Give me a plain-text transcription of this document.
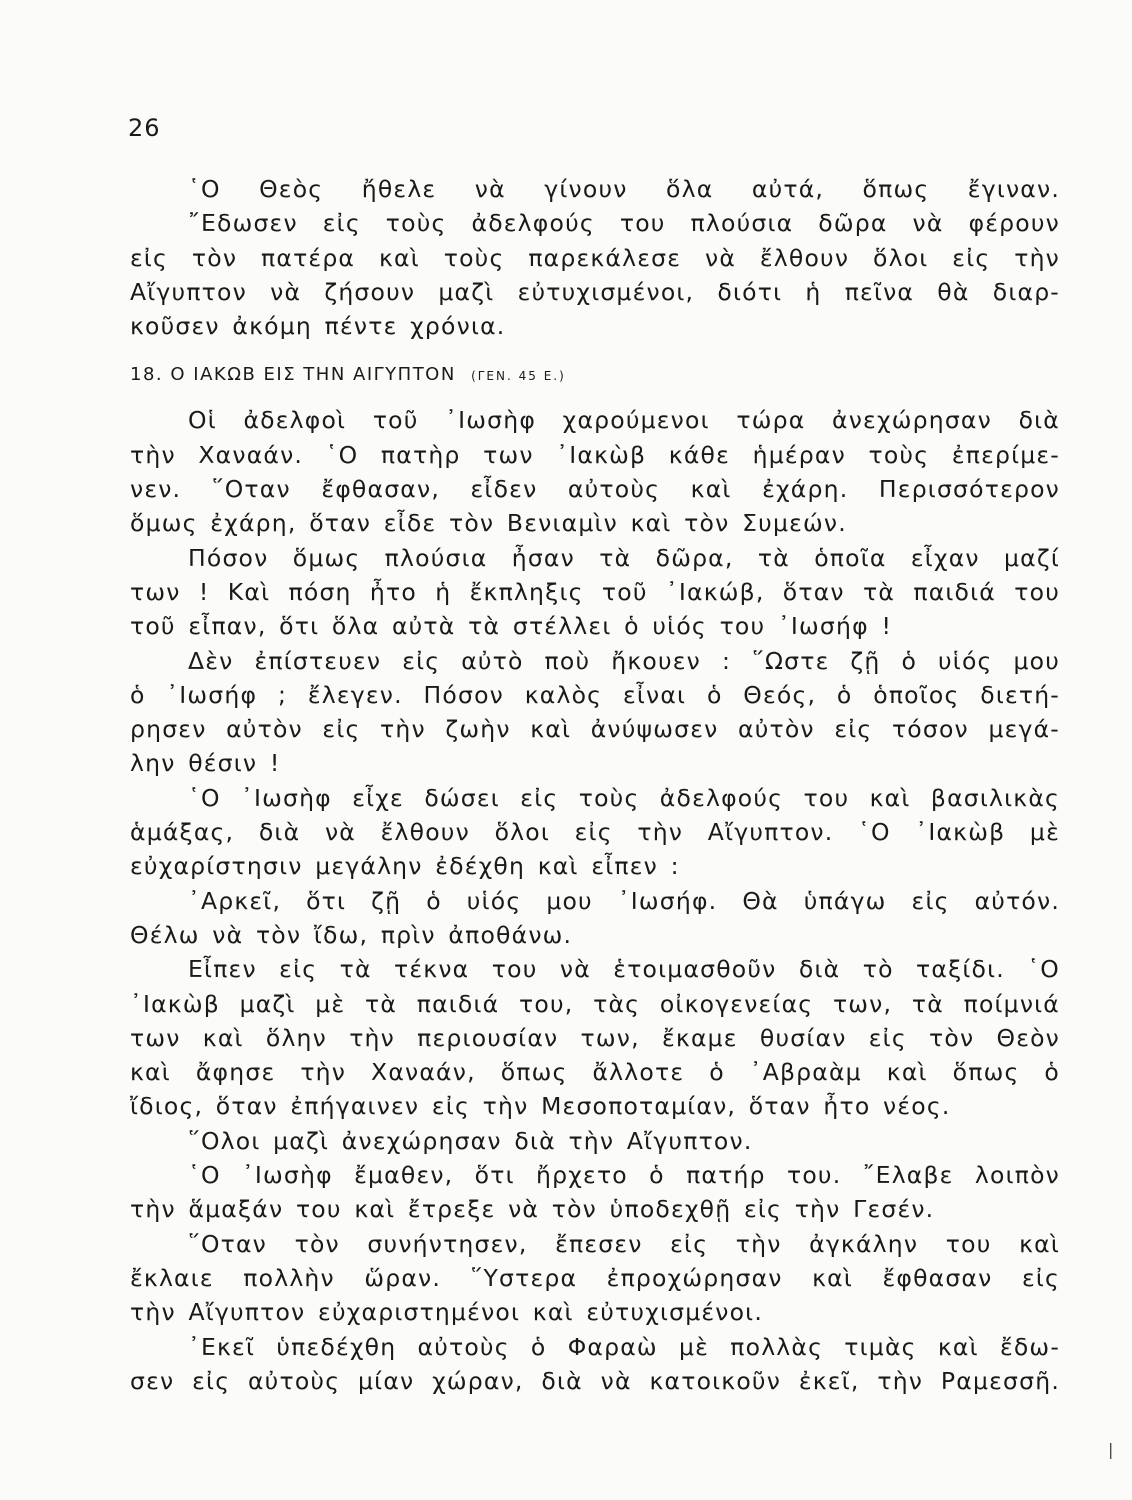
26
῾Ο Θεὸς ἤθελε νὰ γίνουν ὅλα αὐτά, ὅπως ἔγιναν.
῎Εδωσεν εἰς τοὺς ἀδελφούς του πλούσια δῶρα νὰ φέρουν
εἰς τὸν πατέρα καὶ τοὺς παρεκάλεσε νὰ ἔλθουν ὅλοι εἰς τὴν
Αἴγυπτον νὰ ζήσουν μαζὶ εὐτυχισμένοι, διότι ἡ πεῖνα θὰ διαρ-
κοῦσεν ἀκόμη πέντε χρόνια.
18. Ο ΙΑΚΩΒ ΕΙΣ ΤΗΝ ΑΙΓΥΠΤΟΝ (ΓΕΝ. 45 Ε.)
Οἱ ἀδελφοὶ τοῦ ᾿Ιωσὴφ χαρούμενοι τώρα ἀνεχώρησαν διὰ
τὴν Χαναάν. ῾Ο πατὴρ των ᾿Ιακὼβ κάθε ἡμέραν τοὺς ἐπερίμε-
νεν. ῞Οταν ἔφθασαν, εἶδεν αὐτοὺς καὶ ἐχάρη. Περισσότερον
ὅμως ἐχάρη, ὅταν εἶδε τὸν Βενιαμὶν καὶ τὸν Συμεών.
Πόσον ὅμως πλούσια ἦσαν τὰ δῶρα, τὰ ὁποῖα εἶχαν μαζί
των ! Καὶ πόση ἦτο ἡ ἔκπληξις τοῦ ᾿Ιακώβ, ὅταν τὰ παιδιά του
τοῦ εἶπαν, ὅτι ὅλα αὐτὰ τὰ στέλλει ὁ υἱός του ᾿Ιωσήφ !
Δὲν ἐπίστευεν εἰς αὐτὸ ποὺ ἤκουεν : ῞Ωστε ζῇ ὁ υἱός μου
ὁ ᾿Ιωσήφ ; ἔλεγεν. Πόσον καλὸς εἶναι ὁ Θεός, ὁ ὁποῖος διετή-
ρησεν αὐτὸν εἰς τὴν ζωὴν καὶ ἀνύψωσεν αὐτὸν εἰς τόσον μεγά-
λην θέσιν !
῾Ο ᾿Ιωσὴφ εἶχε δώσει εἰς τοὺς ἀδελφούς του καὶ βασιλικὰς
ἁμάξας, διὰ νὰ ἔλθουν ὅλοι εἰς τὴν Αἴγυπτον. ῾Ο ᾿Ιακὼβ μὲ
εὐχαρίστησιν μεγάλην ἐδέχθη καὶ εἶπεν :
᾿Αρκεῖ, ὅτι ζῇ ὁ υἱός μου ᾿Ιωσήφ. Θὰ ὑπάγω εἰς αὐτόν.
Θέλω νὰ τὸν ἴδω, πρὶν ἀποθάνω.
Εἶπεν εἰς τὰ τέκνα του νὰ ἑτοιμασθοῦν διὰ τὸ ταξίδι. ῾Ο
᾿Ιακὼβ μαζὶ μὲ τὰ παιδιά του, τὰς οἰκογενείας των, τὰ ποίμνιά
των καὶ ὅλην τὴν περιουσίαν των, ἔκαμε θυσίαν εἰς τὸν Θεὸν
καὶ ἄφησε τὴν Χαναάν, ὅπως ἄλλοτε ὁ ᾿Αβραὰμ καὶ ὅπως ὁ
ἴδιος, ὅταν ἐπήγαινεν εἰς τὴν Μεσοποταμίαν, ὅταν ἦτο νέος.
῞Ολοι μαζὶ ἀνεχώρησαν διὰ τὴν Αἴγυπτον.
῾Ο ᾿Ιωσὴφ ἔμαθεν, ὅτι ἤρχετο ὁ πατήρ του. ῎Ελαβε λοιπὸν
τὴν ἅμαξάν του καὶ ἔτρεξε νὰ τὸν ὑποδεχθῇ εἰς τὴν Γεσέν.
῞Οταν τὸν συνήντησεν, ἔπεσεν εἰς τὴν ἀγκάλην του καὶ
ἔκλαιε πολλὴν ὥραν. ῞Υστερα ἐπροχώρησαν καὶ ἔφθασαν εἰς
τὴν Αἴγυπτον εὐχαριστημένοι καὶ εὐτυχισμένοι.
᾿Εκεῖ ὑπεδέχθη αὐτοὺς ὁ Φαραὼ μὲ πολλὰς τιμὰς καὶ ἔδω-
σεν εἰς αὐτοὺς μίαν χώραν, διὰ νὰ κατοικοῦν ἐκεῖ, τὴν Ραμεσσῆ.
|
